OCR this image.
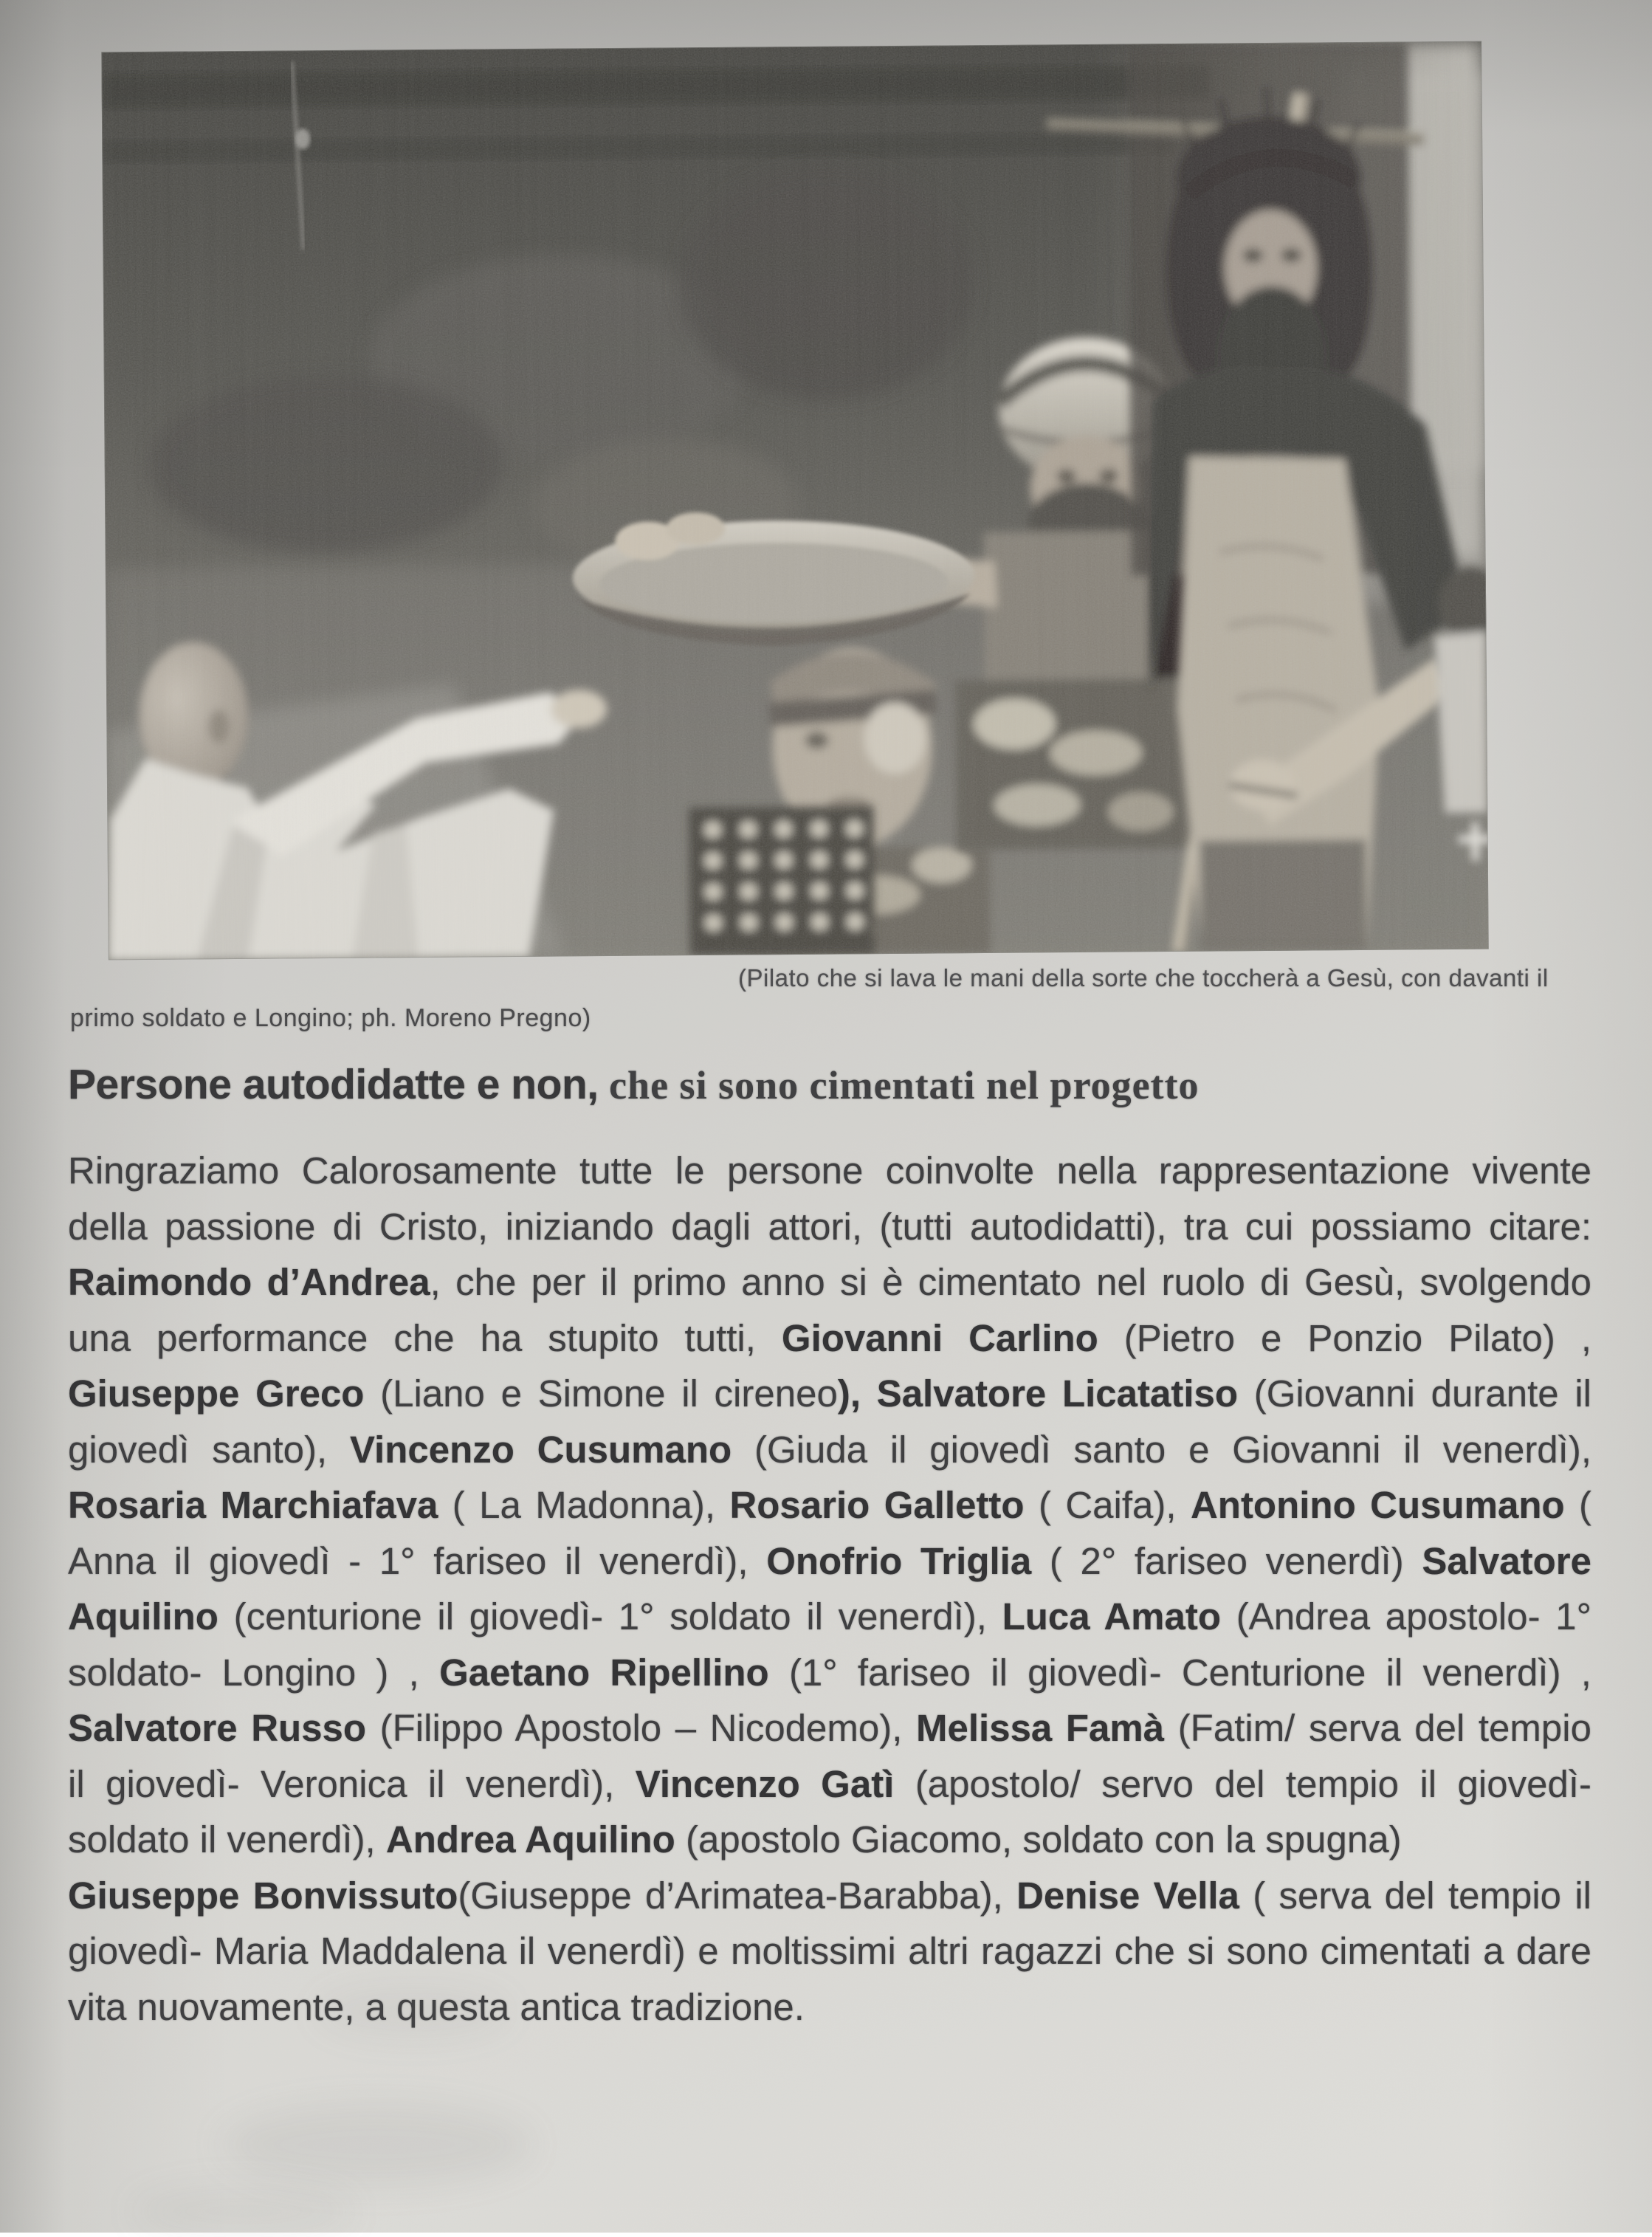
(Pilato che si lava le mani della sorte che toccherà a Gesù, con davanti il
primo soldato e Longino; ph. Moreno Pregno)
Persone autodidatte e non, che si sono cimentati nel progetto
Ringraziamo Calorosamente tutte le persone coinvolte nella rappresentazione vivente
della passione di Cristo, iniziando dagli attori, (tutti autodidatti), tra cui possiamo citare:
Raimondo d’Andrea, che per il primo anno si è cimentato nel ruolo di Gesù, svolgendo
una performance che ha stupito tutti, Giovanni Carlino (Pietro e Ponzio Pilato) ,
Giuseppe Greco (Liano e Simone il cireneo), Salvatore Licatatiso (Giovanni durante il
giovedì santo), Vincenzo Cusumano (Giuda il giovedì santo e Giovanni il venerdì),
Rosaria Marchiafava ( La Madonna), Rosario Galletto ( Caifa), Antonino Cusumano (
Anna il giovedì - 1° fariseo il venerdì), Onofrio Triglia ( 2° fariseo venerdì) Salvatore
Aquilino (centurione il giovedì- 1° soldato il venerdì), Luca Amato (Andrea apostolo- 1°
soldato- Longino ) , Gaetano Ripellino (1° fariseo il giovedì- Centurione il venerdì) ,
Salvatore Russo (Filippo Apostolo – Nicodemo), Melissa Famà (Fatim/ serva del tempio
il giovedì- Veronica il venerdì), Vincenzo Gatì (apostolo/ servo del tempio il giovedì-
soldato il venerdì), Andrea Aquilino (apostolo Giacomo, soldato con la spugna)
Giuseppe Bonvissuto(Giuseppe d’Arimatea-Barabba), Denise Vella ( serva del tempio il
giovedì- Maria Maddalena il venerdì) e moltissimi altri ragazzi che si sono cimentati a dare
vita nuovamente, a questa antica tradizione.
